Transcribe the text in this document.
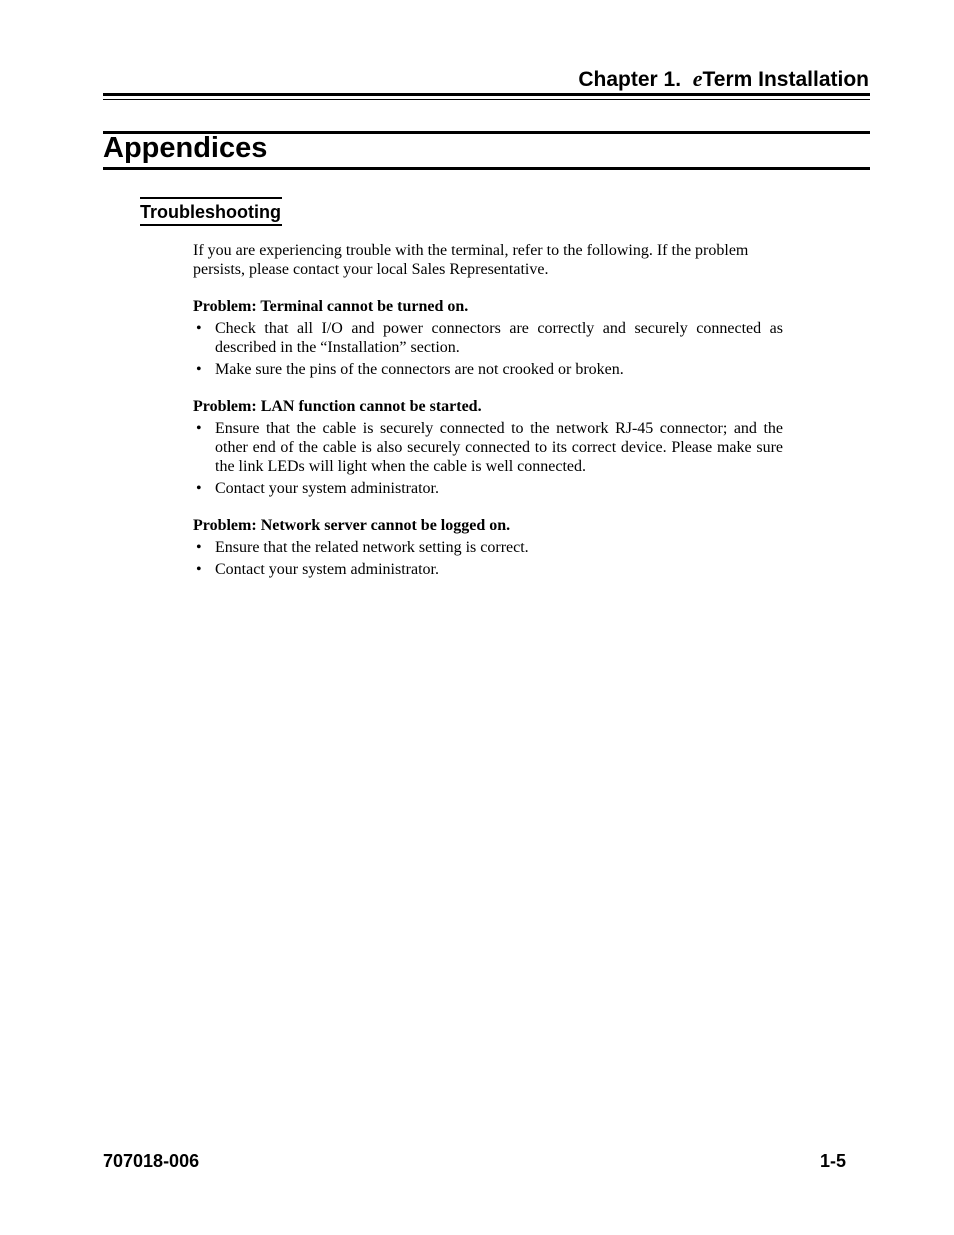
Chapter 1. eTerm Installation
Appendices
Troubleshooting

If you are experiencing trouble with the terminal, refer to the following. If the problem persists, please contact your local Sales Representative.

Problem: Terminal cannot be turned on.

• Check that all I/O and power connectors are correctly and securely connected as described in the “Installation” section.
• Make sure the pins of the connectors are not crooked or broken.

Problem: LAN function cannot be started.

• Ensure that the cable is securely connected to the network RJ-45 connector; and the other end of the cable is also securely connected to its correct device. Please make sure the link LEDs will light when the cable is well connected.
• Contact your system administrator.

Problem: Network server cannot be logged on.

• Ensure that the related network setting is correct.
• Contact your system administrator.
707018-006	1-5
